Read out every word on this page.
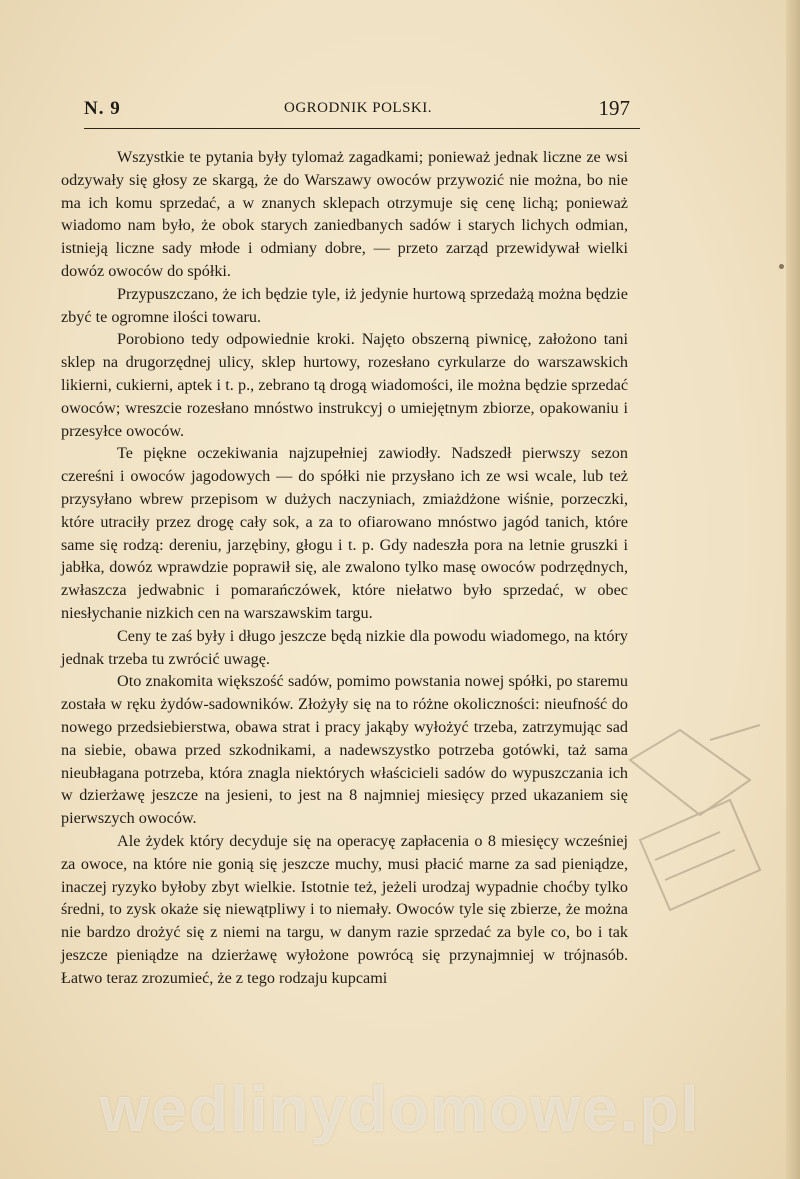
N. 9	OGRODNIK POLSKI.	197

Wszystkie te pytania były tylomaż zagadkami; ponieważ jednak liczne ze wsi odzywały się głosy ze skargą, że do Warszawy owoców przywozić nie można, bo nie ma ich komu sprzedać, a w znanych sklepach otrzymuje się cenę lichą; ponieważ wiadomo nam było, że obok starych zaniedbanych sadów i starych lichych odmian, istnieją liczne sady młode i odmiany dobre, — przeto zarząd przewidywał wielki dowóz owoców do spółki.

Przypuszczano, że ich będzie tyle, iż jedynie hurtową sprzedażą można będzie zbyć te ogromne ilości towaru.

Porobiono tedy odpowiednie kroki. Najęto obszerną piwnicę, założono tani sklep na drugorzędnej ulicy, sklep hurtowy, rozesłano cyrkularze do warszawskich likierni, cukierni, aptek i t. p., zebrano tą drogą wiadomości, ile można będzie sprzedać owoców; wreszcie rozesłano mnóstwo instrukcyj o umiejętnym zbiorze, opakowaniu i przesyłce owoców.

Te piękne oczekiwania najzupełniej zawiodły. Nadszedł pierwszy sezon czereśni i owoców jagodowych — do spółki nie przysłano ich ze wsi wcale, lub też przysyłano wbrew przepisom w dużych naczyniach, zmiażdżone wiśnie, porzeczki, które utraciły przez drogę cały sok, a za to ofiarowano mnóstwo jagód tanich, które same się rodzą: dereniu, jarzębiny, głogu i t. p. Gdy nadeszła pora na letnie gruszki i jabłka, dowóz wprawdzie poprawił się, ale zwalono tylko masę owoców podrzędnych, zwłaszcza jedwabnic i pomarańczówek, które niełatwo było sprzedać, w obec niesłychanie nizkich cen na warszawskim targu.

Ceny te zaś były i długo jeszcze będą nizkie dla powodu wiadomego, na który jednak trzeba tu zwrócić uwagę.

Oto znakomita większość sadów, pomimo powstania nowej spółki, po staremu została w ręku żydów-sadowników. Złożyły się na to różne okoliczności: nieufność do nowego przedsiebierstwa, obawa strat i pracy jakąby wyłożyć trzeba, zatrzymując sad na siebie, obawa przed szkodnikami, a nadewszystko potrzeba gotówki, taż sama nieubłagana potrzeba, która znagla niektórych właścicieli sadów do wypuszczania ich w dzierżawę jeszcze na jesieni, to jest na 8 najmniej miesięcy przed ukazaniem się pierwszych owoców.

Ale żydek który decyduje się na operacyę zapłacenia o 8 miesięcy wcześniej za owoce, na które nie gonią się jeszcze muchy, musi płacić marne za sad pieniądze, inaczej ryzyko byłoby zbyt wielkie. Istotnie też, jeżeli urodzaj wypadnie choćby tylko średni, to zysk okaże się niewątpliwy i to niemały. Owoców tyle się zbierze, że można nie bardzo drożyć się z niemi na targu, w danym razie sprzedać za byle co, bo i tak jeszcze pieniądze na dzierżawę wyłożone powrócą się przynajmniej w trójnasób. Łatwo teraz zrozumieć, że z tego rodzaju kupcami

wedlinydomowe.pl
